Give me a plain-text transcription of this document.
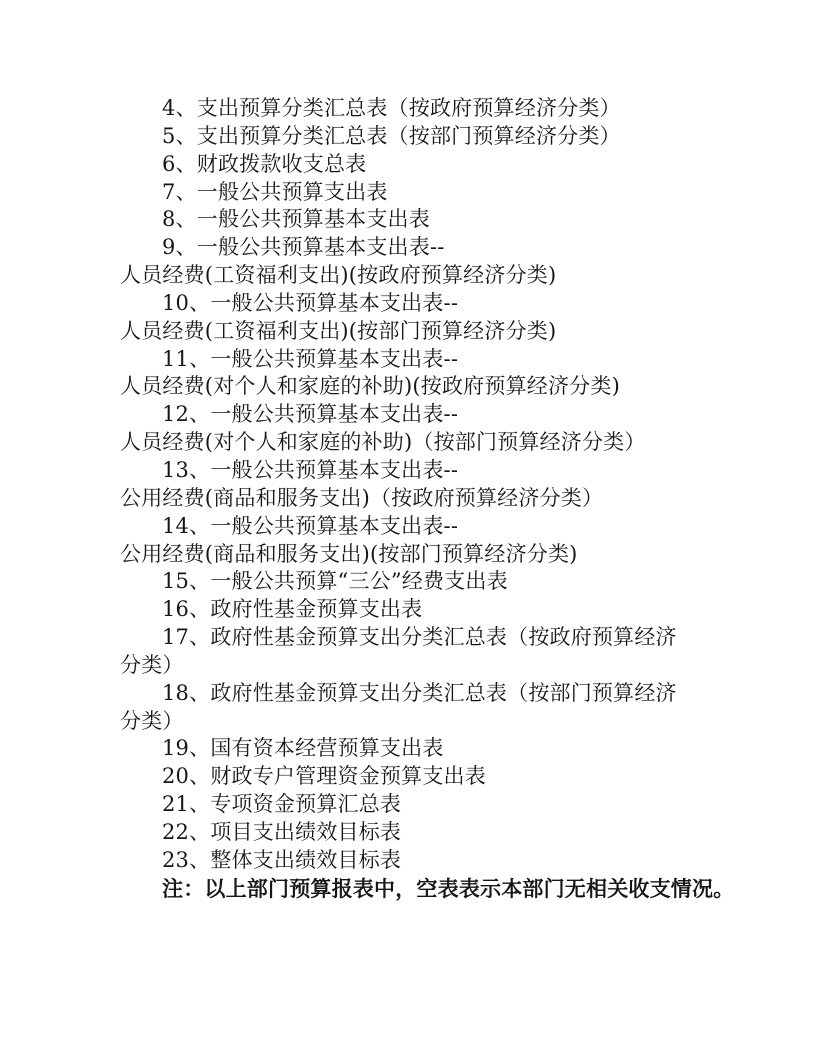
4、支出预算分类汇总表（按政府预算经济分类）
5、支出预算分类汇总表（按部门预算经济分类）
6、财政拨款收支总表
7、一般公共预算支出表
8、一般公共预算基本支出表
9、一般公共预算基本支出表--
人员经费(工资福利支出)(按政府预算经济分类)
10、一般公共预算基本支出表--
人员经费(工资福利支出)(按部门预算经济分类)
11、一般公共预算基本支出表--
人员经费(对个人和家庭的补助)(按政府预算经济分类)
12、一般公共预算基本支出表--
人员经费(对个人和家庭的补助)（按部门预算经济分类）
13、一般公共预算基本支出表--
公用经费(商品和服务支出)（按政府预算经济分类）
14、一般公共预算基本支出表--
公用经费(商品和服务支出)(按部门预算经济分类)
15、一般公共预算“三公”经费支出表
16、政府性基金预算支出表
17、政府性基金预算支出分类汇总表（按政府预算经济
分类）
18、政府性基金预算支出分类汇总表（按部门预算经济
分类）
19、国有资本经营预算支出表
20、财政专户管理资金预算支出表
21、专项资金预算汇总表
22、项目支出绩效目标表
23、整体支出绩效目标表
注：以上部门预算报表中，空表表示本部门无相关收支情况。
